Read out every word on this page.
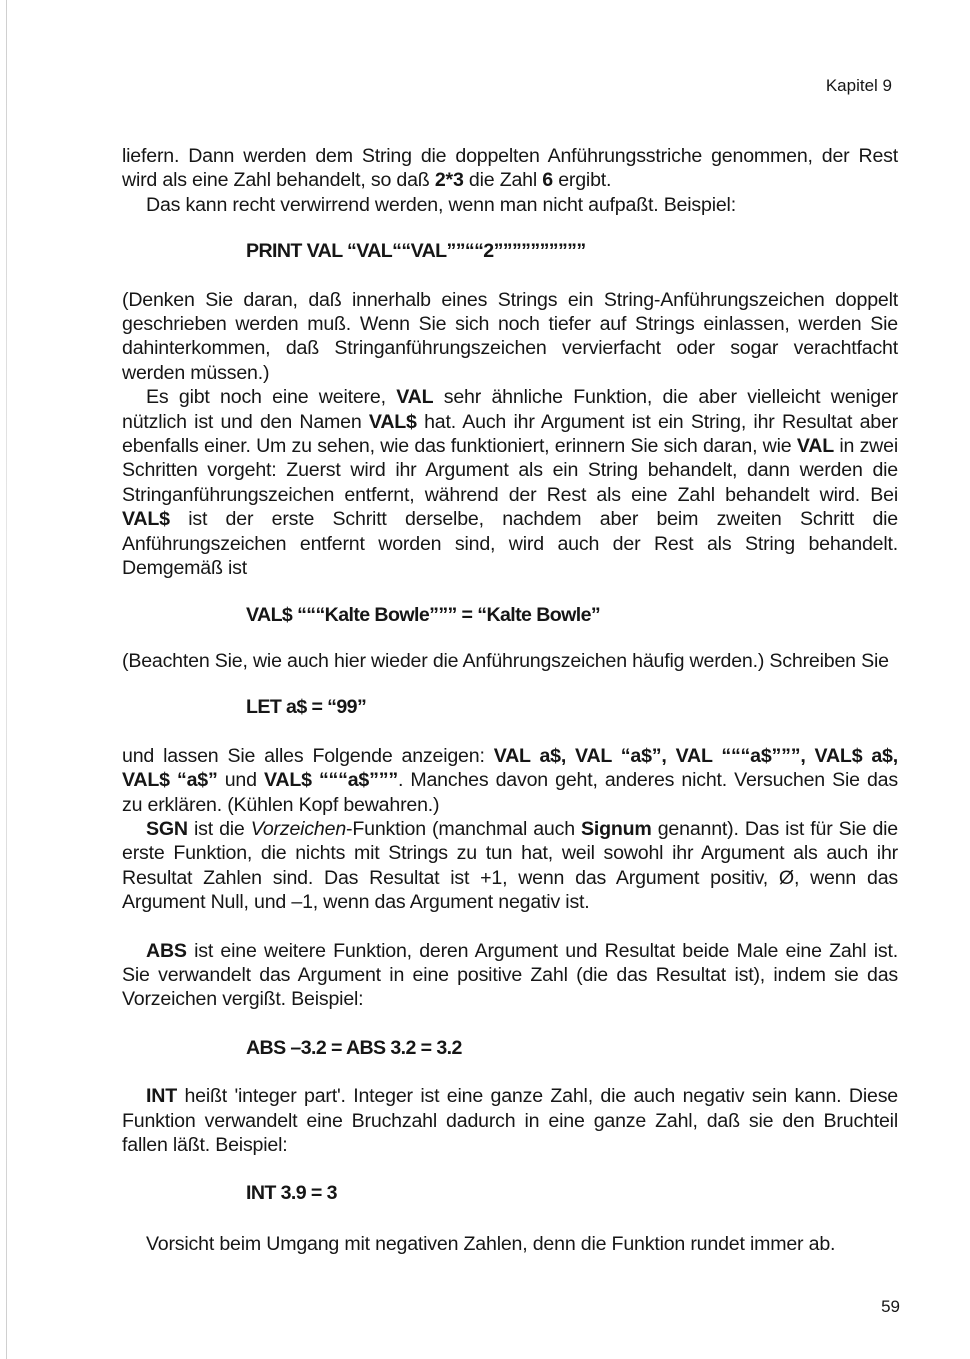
Kapitel 9

liefern. Dann werden dem String die doppelten Anführungsstriche genommen, der Rest wird als eine Zahl behandelt, so daß 2*3 die Zahl 6 ergibt.

Das kann recht verwirrend werden, wenn man nicht aufpaßt. Beispiel:

PRINT VAL “VAL““VAL””““2””””””””””

(Denken Sie daran, daß innerhalb eines Strings ein String-Anführungszeichen doppelt geschrieben werden muß. Wenn Sie sich noch tiefer auf Strings einlassen, werden Sie dahinterkommen, daß Stringanführungszeichen vervierfacht oder sogar verachtfacht werden müssen.)

Es gibt noch eine weitere, VAL sehr ähnliche Funktion, die aber vielleicht weniger nützlich ist und den Namen VAL$ hat. Auch ihr Argument ist ein String, ihr Resultat aber ebenfalls einer. Um zu sehen, wie das funktioniert, erinnern Sie sich daran, wie VAL in zwei Schritten vorgeht: Zuerst wird ihr Argument als ein String behandelt, dann werden die Stringanführungszeichen entfernt, während der Rest als eine Zahl behandelt wird. Bei VAL$ ist der erste Schritt derselbe, nachdem aber beim zweiten Schritt die Anführungszeichen entfernt worden sind, wird auch der Rest als String behandelt. Demgemäß ist

VAL$ “““Kalte Bowle””” = “Kalte Bowle”

(Beachten Sie, wie auch hier wieder die Anführungszeichen häufig werden.) Schreiben Sie

LET a$ = “99”

und lassen Sie alles Folgende anzeigen: VAL a$, VAL “a$”, VAL “““a$”””, VAL$ a$, VAL$ “a$” und VAL$ “““a$”””. Manches davon geht, anderes nicht. Versuchen Sie das zu erklären. (Kühlen Kopf bewahren.)

SGN ist die Vorzeichen-Funktion (manchmal auch Signum genannt). Das ist für Sie die erste Funktion, die nichts mit Strings zu tun hat, weil sowohl ihr Argument als auch ihr Resultat Zahlen sind. Das Resultat ist +1, wenn das Argument positiv, Ø, wenn das Argument Null, und –1, wenn das Argument negativ ist.

ABS ist eine weitere Funktion, deren Argument und Resultat beide Male eine Zahl ist. Sie verwandelt das Argument in eine positive Zahl (die das Resultat ist), indem sie das Vorzeichen vergißt. Beispiel:

ABS –3.2 = ABS 3.2 = 3.2

INT heißt 'integer part'. Integer ist eine ganze Zahl, die auch negativ sein kann. Diese Funktion verwandelt eine Bruchzahl dadurch in eine ganze Zahl, daß sie den Bruchteil fallen läßt. Beispiel:

INT 3.9 = 3

Vorsicht beim Umgang mit negativen Zahlen, denn die Funktion rundet immer ab.

59
